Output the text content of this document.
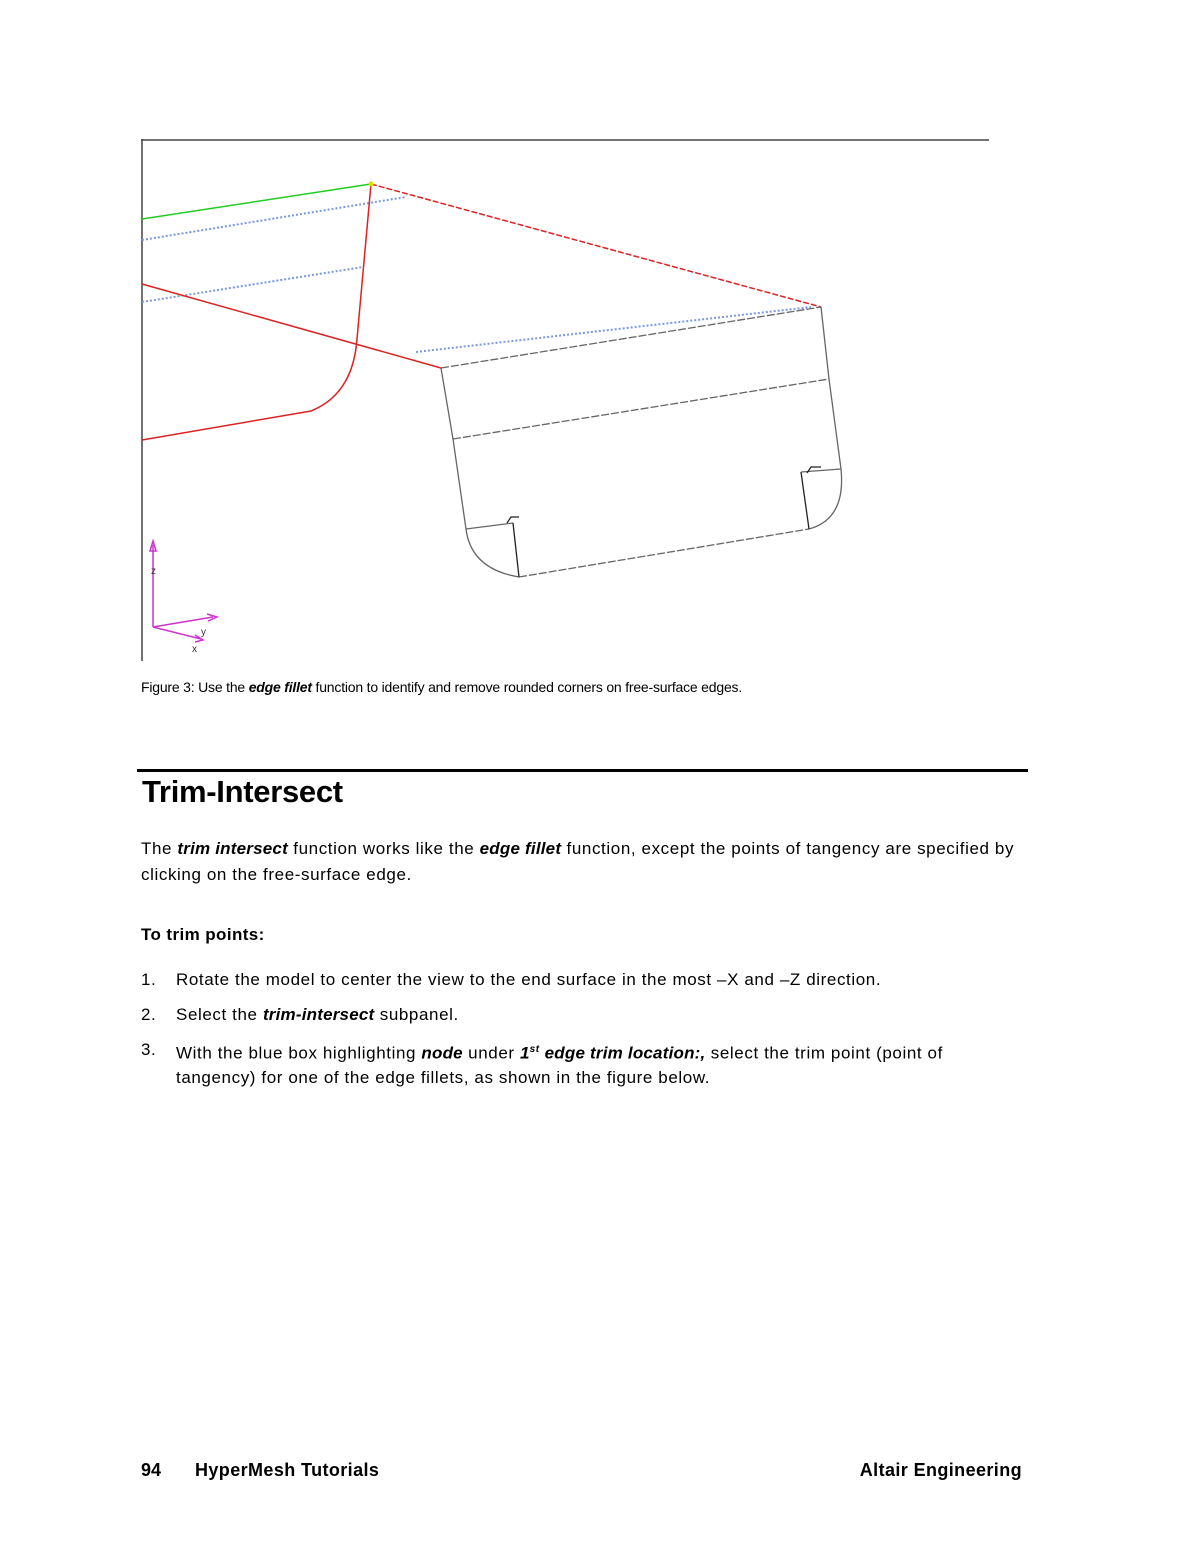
z
y
x
Figure 3: Use the edge fillet function to identify and remove rounded corners on free-surface edges.
Trim-Intersect

The trim intersect function works like the edge fillet function, except the points of tangency are specified by clicking on the free-surface edge.

To trim points:

1. Rotate the model to center the view to the end surface in the most –X and –Z direction.
2. Select the trim-intersect subpanel.
3. With the blue box highlighting node under 1st edge trim location:, select the trim point (point of tangency) for one of the edge fillets, as shown in the figure below.
94 HyperMesh Tutorials	Altair Engineering
